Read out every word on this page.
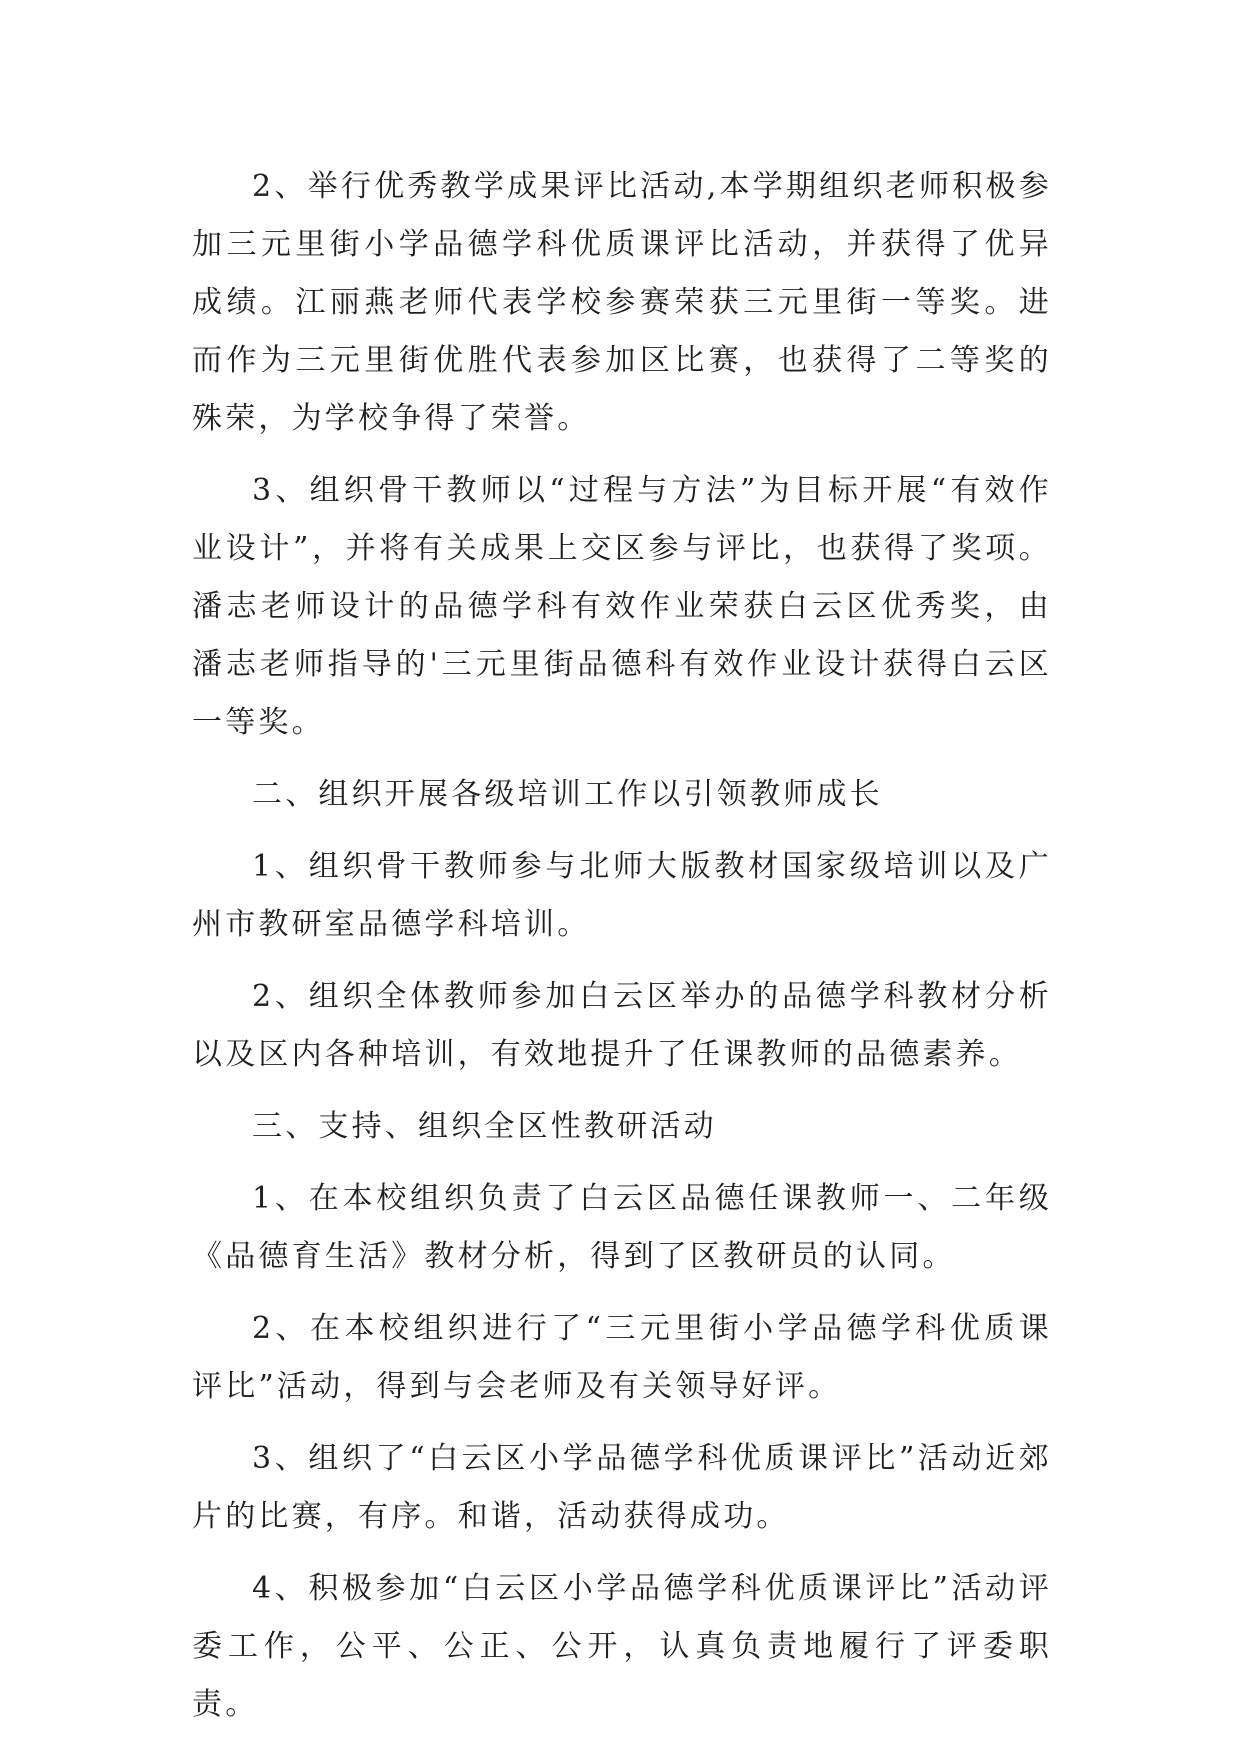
2、举行优秀教学成果评比活动,本学期组织老师积极参加三元里街小学品德学科优质课评比活动，并获得了优异成绩。江丽燕老师代表学校参赛荣获三元里街一等奖。进而作为三元里街优胜代表参加区比赛，也获得了二等奖的殊荣，为学校争得了荣誉。

3、组织骨干教师以“过程与方法”为目标开展“有效作业设计”，并将有关成果上交区参与评比，也获得了奖项。潘志老师设计的品德学科有效作业荣获白云区优秀奖，由潘志老师指导的'三元里街品德科有效作业设计获得白云区一等奖。

二、组织开展各级培训工作以引领教师成长

1、组织骨干教师参与北师大版教材国家级培训以及广州市教研室品德学科培训。

2、组织全体教师参加白云区举办的品德学科教材分析以及区内各种培训，有效地提升了任课教师的品德素养。

三、支持、组织全区性教研活动

1、在本校组织负责了白云区品德任课教师一、二年级《品德育生活》教材分析，得到了区教研员的认同。

2、在本校组织进行了“三元里街小学品德学科优质课评比”活动，得到与会老师及有关领导好评。

3、组织了“白云区小学品德学科优质课评比”活动近郊片的比赛，有序。和谐，活动获得成功。

4、积极参加“白云区小学品德学科优质课评比”活动评委工作，公平、公正、公开，认真负责地履行了评委职责。
